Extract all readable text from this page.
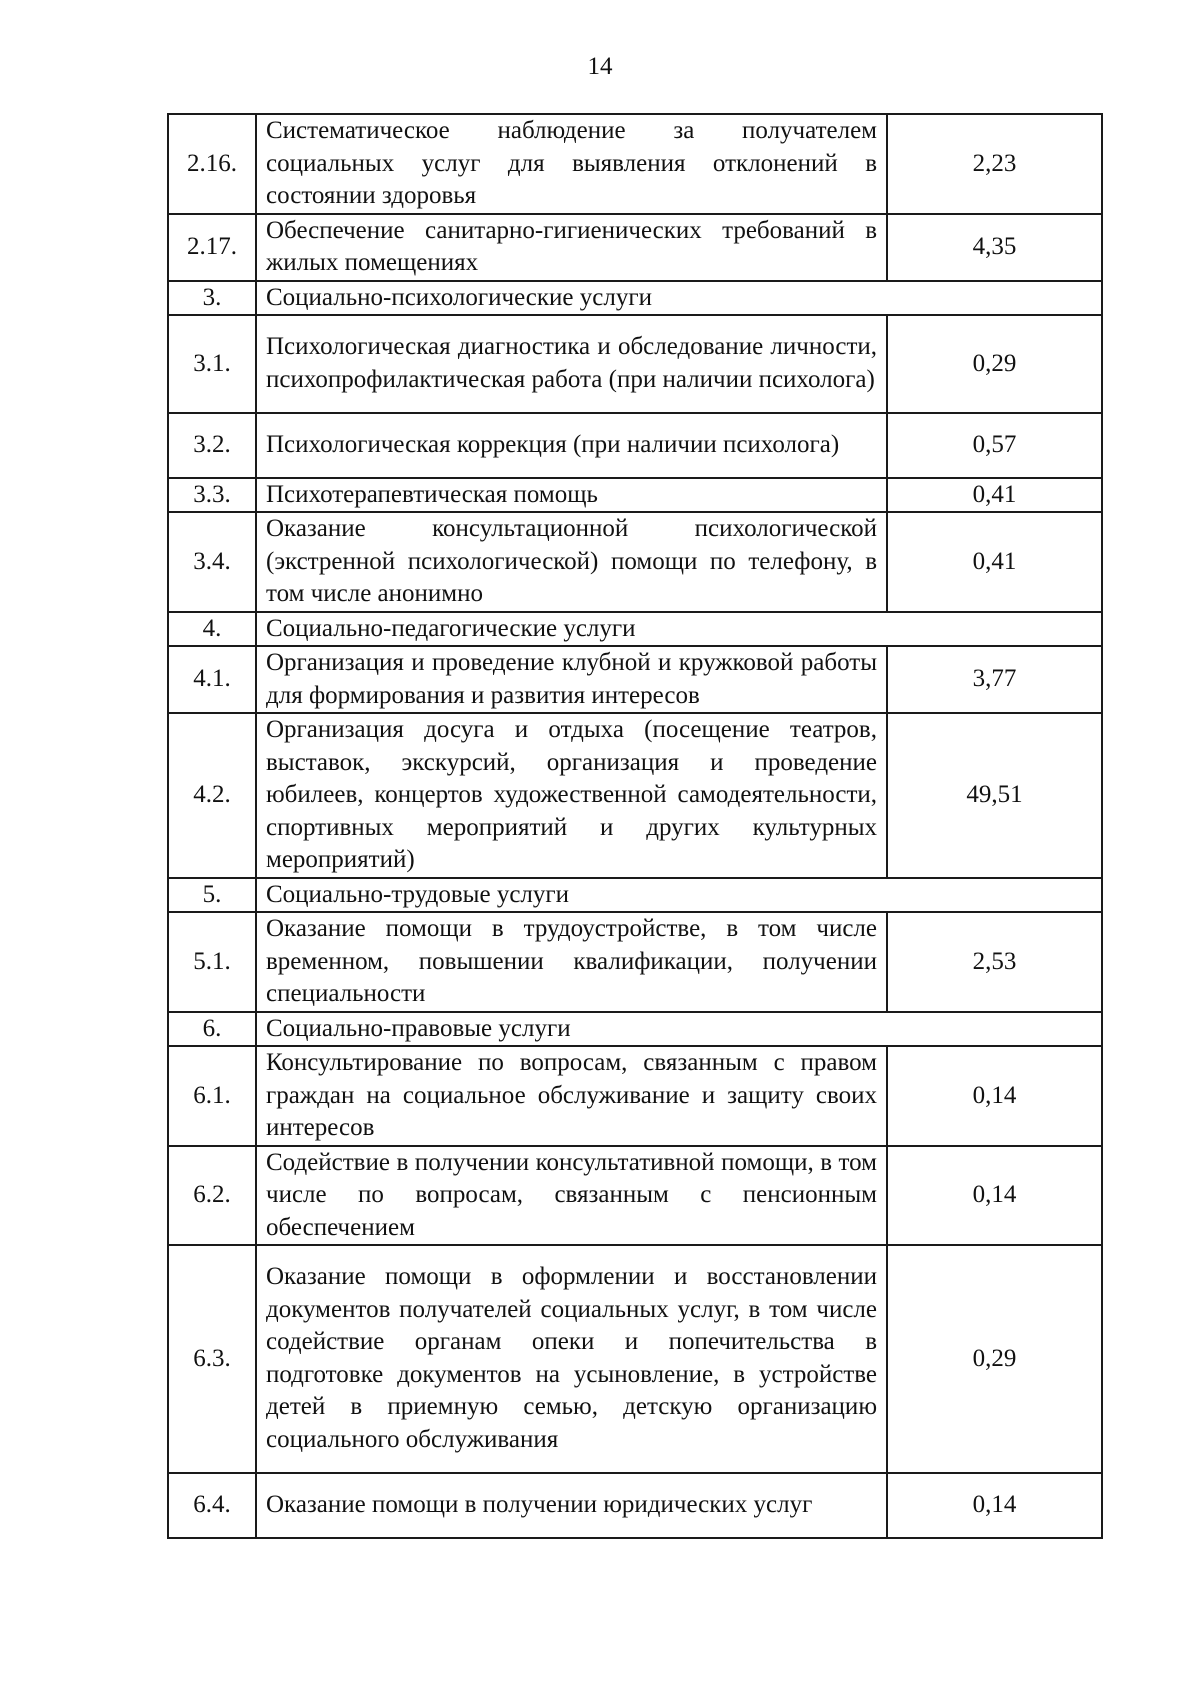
14
2.16.	Систематическое наблюдение за получателем социальных услуг для выявления отклонений в состоянии здоровья	2,23
2.17.	Обеспечение санитарно-гигиенических требований в жилых помещениях	4,35
3.	Социально-психологические услуги	
3.1.	Психологическая диагностика и обследование личности, психопрофилактическая работа (при наличии психолога)	0,29
3.2.	Психологическая коррекция (при наличии психолога)	0,57
3.3.	Психотерапевтическая помощь	0,41
3.4.	Оказание консультационной психологической (экстренной психологической) помощи по телефону, в том числе анонимно	0,41
4.	Социально-педагогические услуги	
4.1.	Организация и проведение клубной и кружковой работы для формирования и развития интересов	3,77
4.2.	Организация досуга и отдыха (посещение театров, выставок, экскурсий, организация и проведение юбилеев, концертов художественной самодеятельности, спортивных мероприятий и других культурных мероприятий)	49,51
5.	Социально-трудовые услуги	
5.1.	Оказание помощи в трудоустройстве, в том числе временном, повышении квалификации, получении специальности	2,53
6.	Социально-правовые услуги	
6.1.	Консультирование по вопросам, связанным с правом граждан на социальное обслуживание и защиту своих интересов	0,14
6.2.	Содействие в получении консультативной помощи, в том числе по вопросам, связанным с пенсионным обеспечением	0,14
6.3.	Оказание помощи в оформлении и восстановлении документов получателей социальных услуг, в том числе содействие органам опеки и попечительства в подготовке документов на усыновление, в устройстве детей в приемную семью, детскую организацию социального обслуживания	0,29
6.4.	Оказание помощи в получении юридических услуг	0,14
